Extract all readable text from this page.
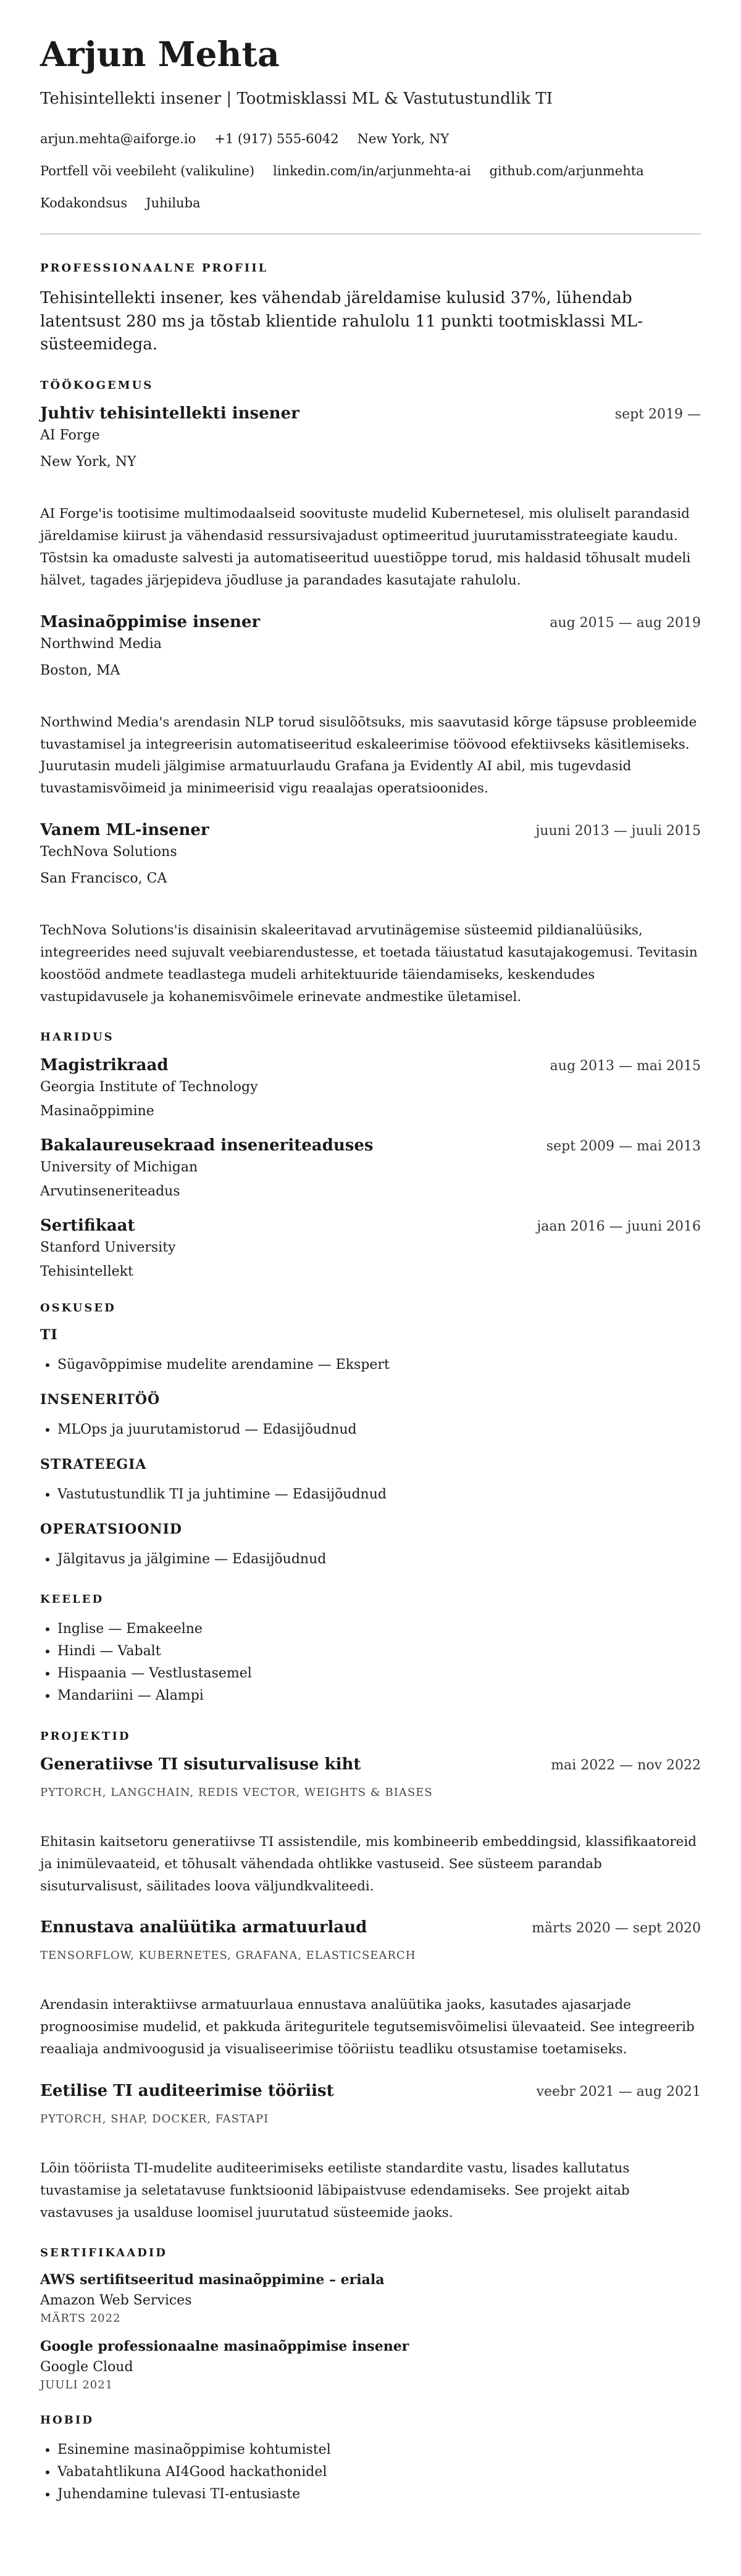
Arjun Mehta
Tehisintellekti insener | Tootmisklassi ML & Vastutustundlik TI
arjun.mehta@aiforge.io +1 (917) 555-6042 New York, NY
Portfell või veebileht (valikuline) linkedin.com/in/arjunmehta-ai github.com/arjunmehta
Kodakondsus Juhiluba
PROFESSIONAALNE PROFIIL

Tehisintellekti insener, kes vähendab järeldamise kulusid 37%, lühendab latentsust 280 ms ja tõstab klientide rahulolu 11 punkti tootmisklassi ML-süsteemidega.

TÖÖKOGEMUS
Juhtiv tehisintellekti insener	sept 2019 —
AI Forge
New York, NY
AI Forge'is tootisime multimodaalseid soovituste mudelid Kubernetesel, mis oluliselt parandasid järeldamise kiirust ja vähendasid ressursivajadust optimeeritud juurutamisstrateegiate kaudu. Tõstsin ka omaduste salvesti ja automatiseeritud uuestiõppe torud, mis haldasid tõhusalt mudeli hälvet, tagades järjepideva jõudluse ja parandades kasutajate rahulolu.
Masinaõppimise insener	aug 2015 — aug 2019
Northwind Media
Boston, MA
Northwind Media's arendasin NLP torud sisulõõtsuks, mis saavutasid kõrge täpsuse probleemide tuvastamisel ja integreerisin automatiseeritud eskaleerimise töövood efektiivseks käsitlemiseks. Juurutasin mudeli jälgimise armatuurlaudu Grafana ja Evidently AI abil, mis tugevdasid tuvastamisvõimeid ja minimeerisid vigu reaalajas operatsioonides.
Vanem ML-insener	juuni 2013 — juuli 2015
TechNova Solutions
San Francisco, CA
TechNova Solutions'is disainisin skaleeritavad arvutinägemise süsteemid pildianalüüsiks, integreerides need sujuvalt veebiarendustesse, et toetada täiustatud kasutajakogemusi. Tevitasin koostööd andmete teadlastega mudeli arhitektuuride täiendamiseks, keskendudes vastupidavusele ja kohanemisvõimele erinevate andmestike ületamisel.
HARIDUS
Magistrikraad	aug 2013 — mai 2015
Georgia Institute of Technology
Masinaõppimine
Bakalaureusekraad inseneriteaduses	sept 2009 — mai 2013
University of Michigan
Arvutinseneriteadus
Sertifikaat	jaan 2016 — juuni 2016
Stanford University
Tehisintellekt
OSKUSED
TI
• Sügavõppimise mudelite arendamine — Ekspert
INSENERITÖÖ
• MLOps ja juurutamistorud — Edasijõudnud
STRATEEGIA
• Vastutustundlik TI ja juhtimine — Edasijõudnud
OPERATSIOONID
• Jälgitavus ja jälgimine — Edasijõudnud
KEELED
• Inglise — Emakeelne
• Hindi — Vabalt
• Hispaania — Vestlustasemel
• Mandariini — Alampi
PROJEKTID
Generatiivse TI sisuturvalisuse kiht	mai 2022 — nov 2022
PYTORCH, LANGCHAIN, REDIS VECTOR, WEIGHTS & BIASES
Ehitasin kaitsetoru generatiivse TI assistendile, mis kombineerib embeddingsid, klassifikaatoreid ja inimülevaateid, et tõhusalt vähendada ohtlikke vastuseid. See süsteem parandab sisuturvalisust, säilitades loova väljundkvaliteedi.
Ennustava analüütika armatuurlaud	märts 2020 — sept 2020
TENSORFLOW, KUBERNETES, GRAFANA, ELASTICSEARCH
Arendasin interaktiivse armatuurlaua ennustava analüütika jaoks, kasutades ajasarjade prognoosimise mudelid, et pakkuda äriteguritele tegutsemisvõimelisi ülevaateid. See integreerib reaaliaja andmivoogusid ja visualiseerimise tööriistu teadliku otsustamise toetamiseks.
Eetilise TI auditeerimise tööriist	veebr 2021 — aug 2021
PYTORCH, SHAP, DOCKER, FASTAPI
Lõin tööriista TI-mudelite auditeerimiseks eetiliste standardite vastu, lisades kallutatus tuvastamise ja seletatavuse funktsioonid läbipaistvuse edendamiseks. See projekt aitab vastavuses ja usalduse loomisel juurutatud süsteemide jaoks.
SERTIFIKAADID
AWS sertifitseeritud masinaõppimine – eriala
Amazon Web Services
MÄRTS 2022
Google professionaalne masinaõppimise insener
Google Cloud
JUULI 2021
HOBID
• Esinemine masinaõppimise kohtumistel
• Vabatahtlikuna AI4Good hackathonidel
• Juhendamine tulevasi TI-entusiaste
